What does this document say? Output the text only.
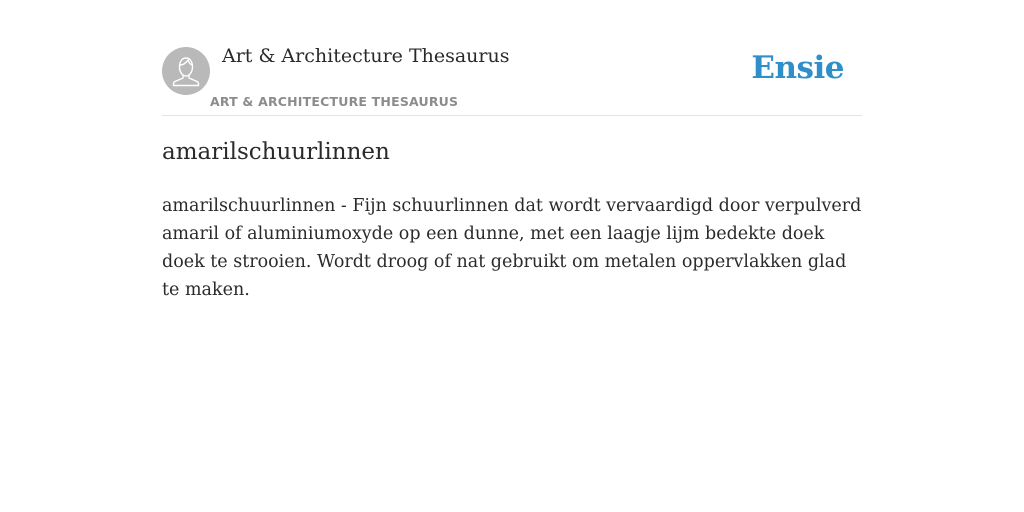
Art & Architecture Thesaurus
ART & ARCHITECTURE THESAURUS
Ensie
amarilschuurlinnen

amarilschuurlinnen - Fijn schuurlinnen dat wordt vervaardigd door verpulverd amaril of aluminiumoxyde op een dunne, met een laagje lijm bedekte doek doek te strooien. Wordt droog of nat gebruikt om metalen oppervlakken glad te maken.
